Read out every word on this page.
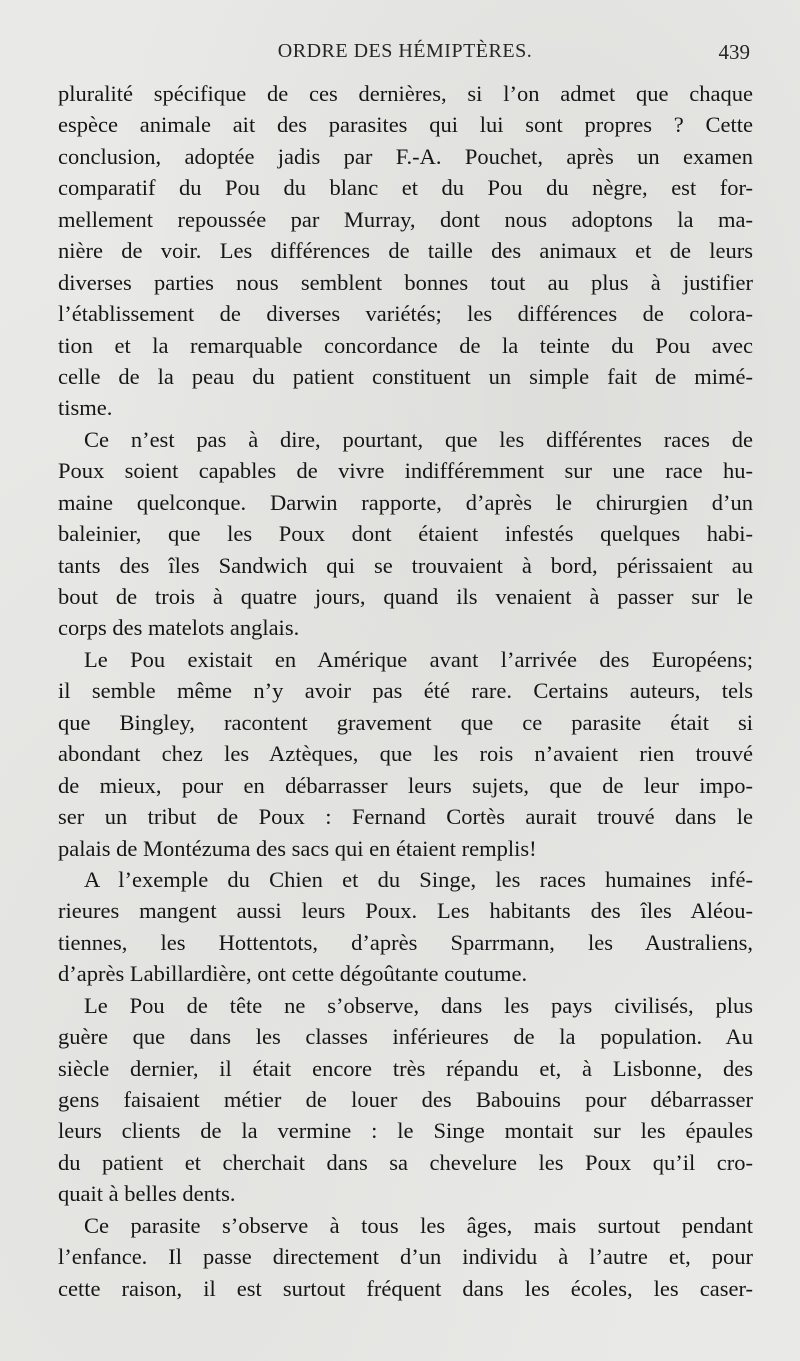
ORDRE DES HÉMIPTÈRES.	439
pluralité spécifique de ces dernières, si l’on admet que chaque
espèce animale ait des parasites qui lui sont propres ? Cette
conclusion, adoptée jadis par F.-A. Pouchet, après un examen
comparatif du Pou du blanc et du Pou du nègre, est for-
mellement repoussée par Murray, dont nous adoptons la ma-
nière de voir. Les différences de taille des animaux et de leurs
diverses parties nous semblent bonnes tout au plus à justifier
l’établissement de diverses variétés; les différences de colora-
tion et la remarquable concordance de la teinte du Pou avec
celle de la peau du patient constituent un simple fait de mimé-
tisme.
Ce n’est pas à dire, pourtant, que les différentes races de
Poux soient capables de vivre indifféremment sur une race hu-
maine quelconque. Darwin rapporte, d’après le chirurgien d’un
baleinier, que les Poux dont étaient infestés quelques habi-
tants des îles Sandwich qui se trouvaient à bord, périssaient au
bout de trois à quatre jours, quand ils venaient à passer sur le
corps des matelots anglais.
Le Pou existait en Amérique avant l’arrivée des Européens;
il semble même n’y avoir pas été rare. Certains auteurs, tels
que Bingley, racontent gravement que ce parasite était si
abondant chez les Aztèques, que les rois n’avaient rien trouvé
de mieux, pour en débarrasser leurs sujets, que de leur impo-
ser un tribut de Poux : Fernand Cortès aurait trouvé dans le
palais de Montézuma des sacs qui en étaient remplis!
A l’exemple du Chien et du Singe, les races humaines infé-
rieures mangent aussi leurs Poux. Les habitants des îles Aléou-
tiennes, les Hottentots, d’après Sparrmann, les Australiens,
d’après Labillardière, ont cette dégoûtante coutume.
Le Pou de tête ne s’observe, dans les pays civilisés, plus
guère que dans les classes inférieures de la population. Au
siècle dernier, il était encore très répandu et, à Lisbonne, des
gens faisaient métier de louer des Babouins pour débarrasser
leurs clients de la vermine : le Singe montait sur les épaules
du patient et cherchait dans sa chevelure les Poux qu’il cro-
quait à belles dents.
Ce parasite s’observe à tous les âges, mais surtout pendant
l’enfance. Il passe directement d’un individu à l’autre et, pour
cette raison, il est surtout fréquent dans les écoles, les caser-
